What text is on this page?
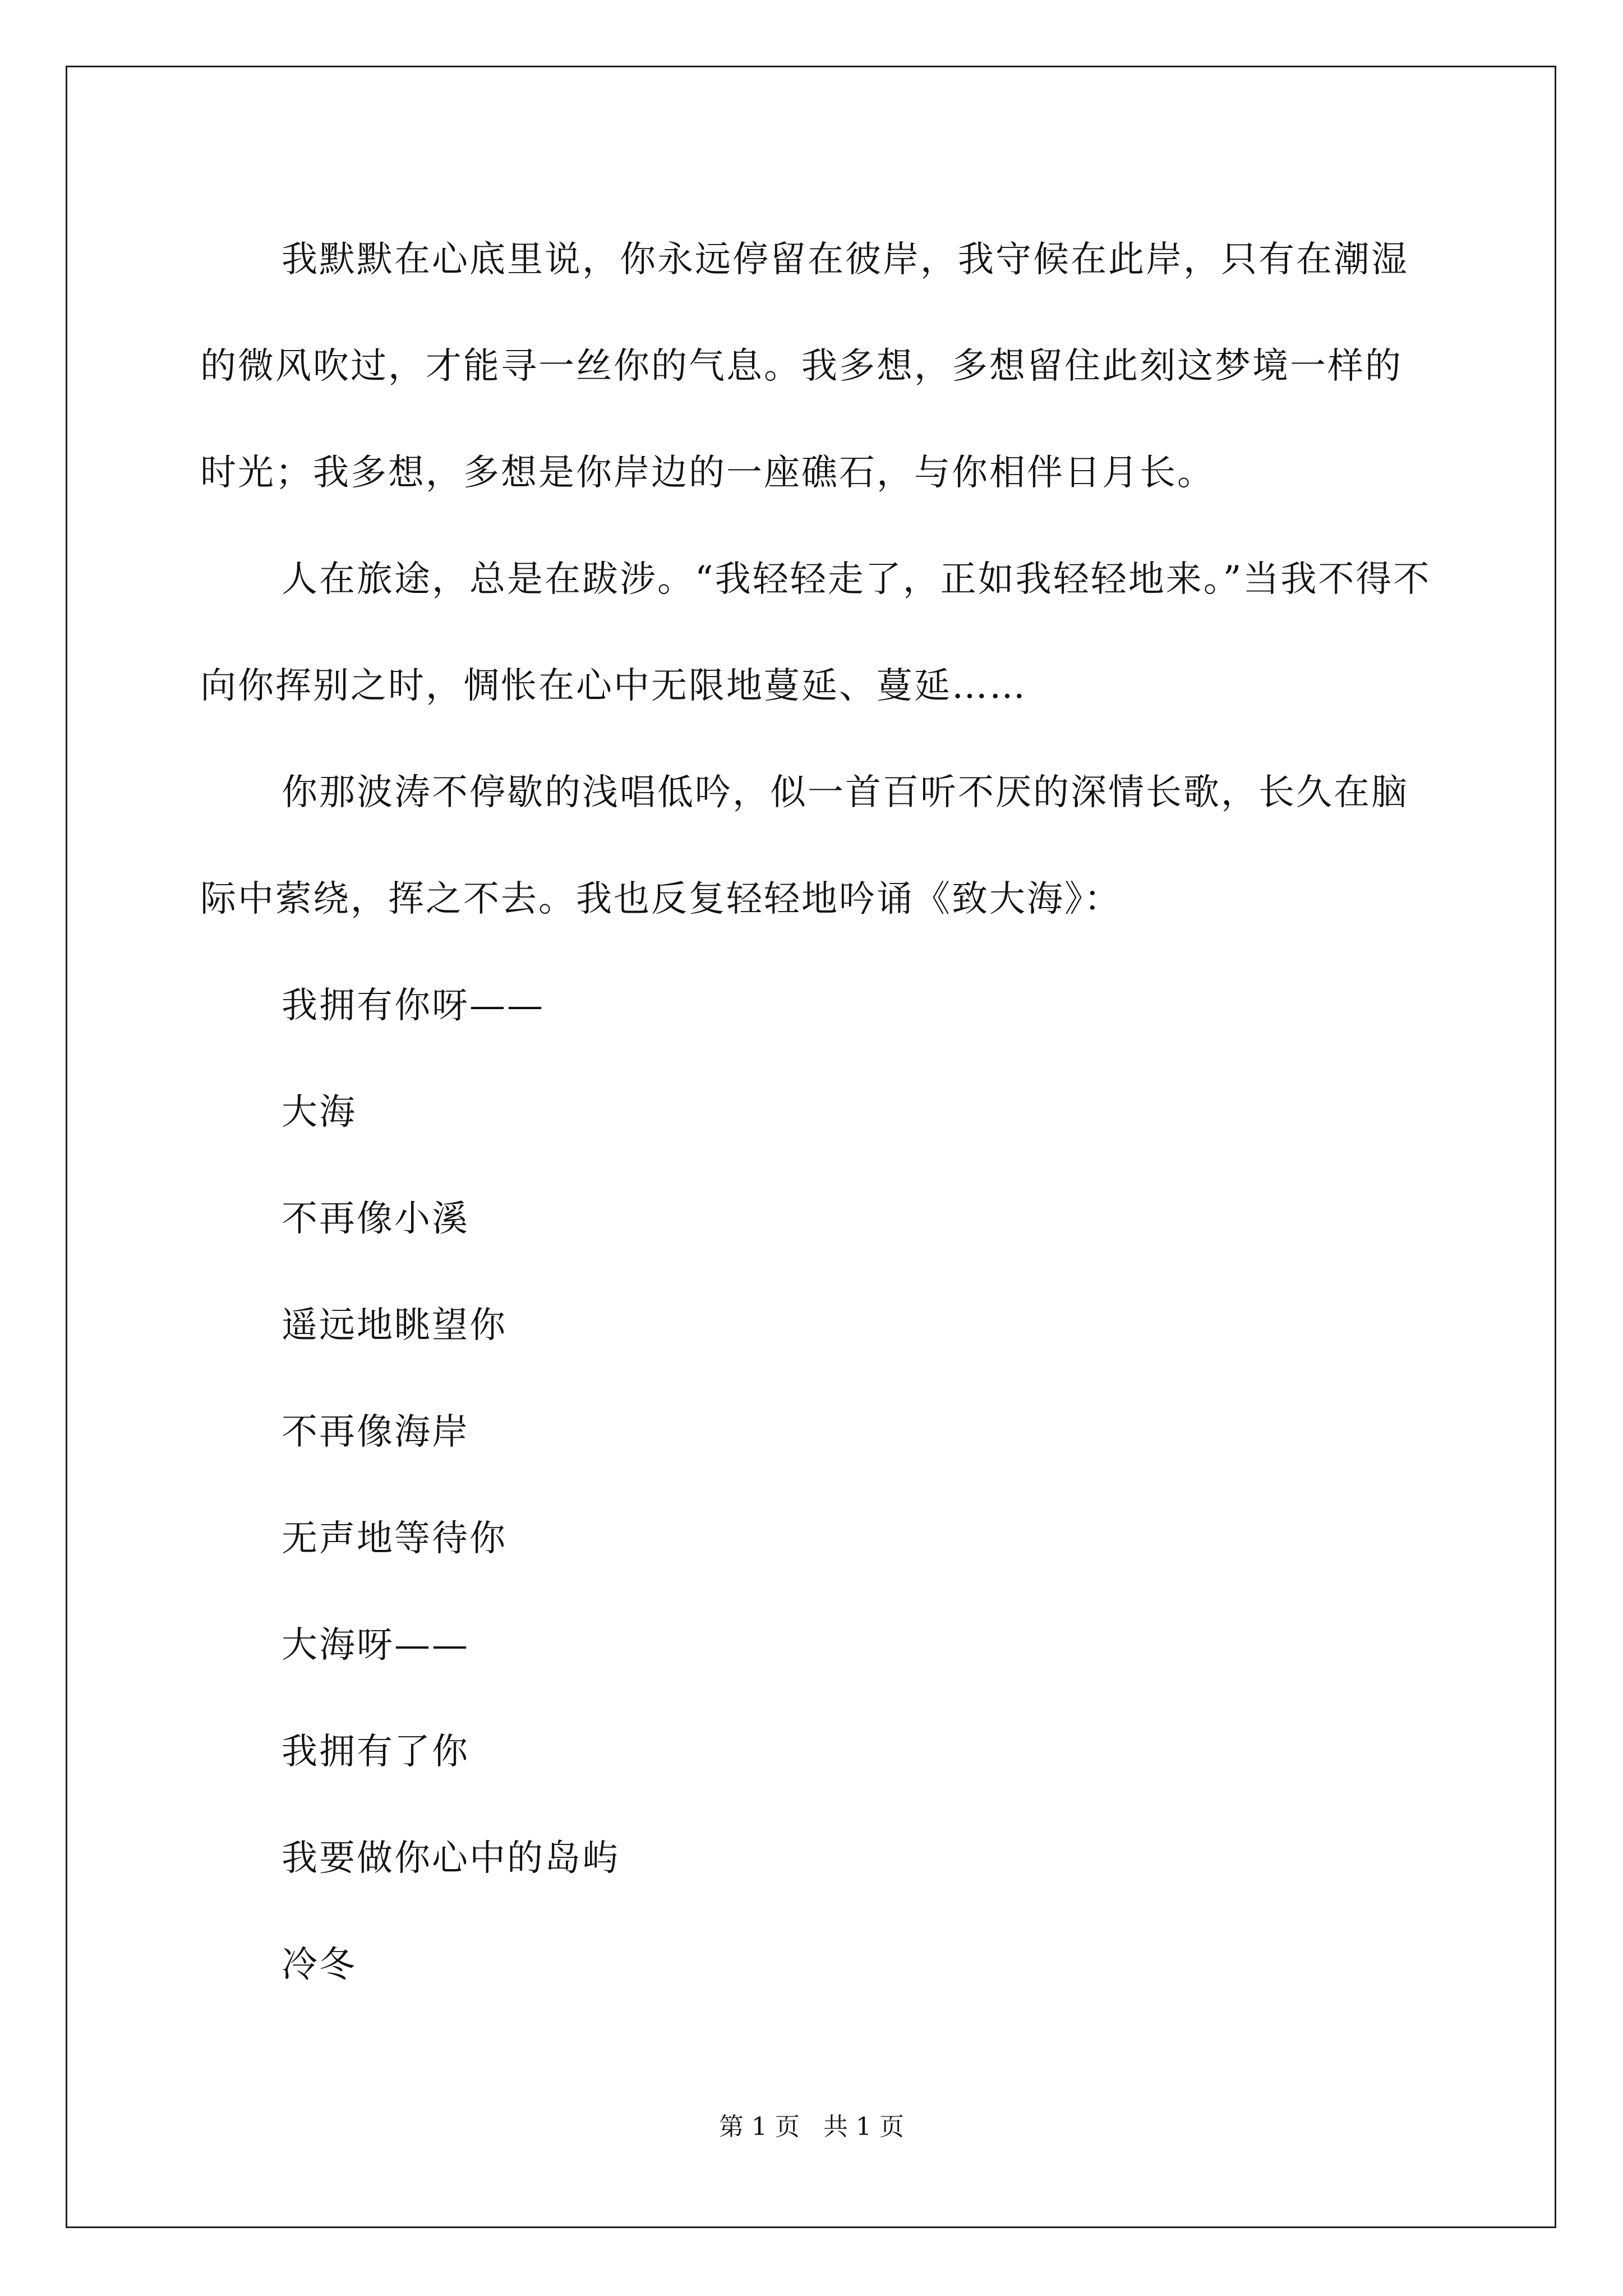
我默默在心底里说，你永远停留在彼岸，我守候在此岸，只有在潮湿的微风吹过，才能寻一丝你的气息。我多想，多想留住此刻这梦境一样的时光；我多想，多想是你岸边的一座礁石，与你相伴日月长。

人在旅途，总是在跋涉。“我轻轻走了，正如我轻轻地来。”当我不得不向你挥别之时，惆怅在心中无限地蔓延、蔓延……

你那波涛不停歇的浅唱低吟，似一首百听不厌的深情长歌，长久在脑际中萦绕，挥之不去。我也反复轻轻地吟诵《致大海》：

我拥有你呀——

大海

不再像小溪

遥远地眺望你

不再像海岸

无声地等待你

大海呀——

我拥有了你

我要做你心中的岛屿

冷冬

第 1 页   共 1 页
